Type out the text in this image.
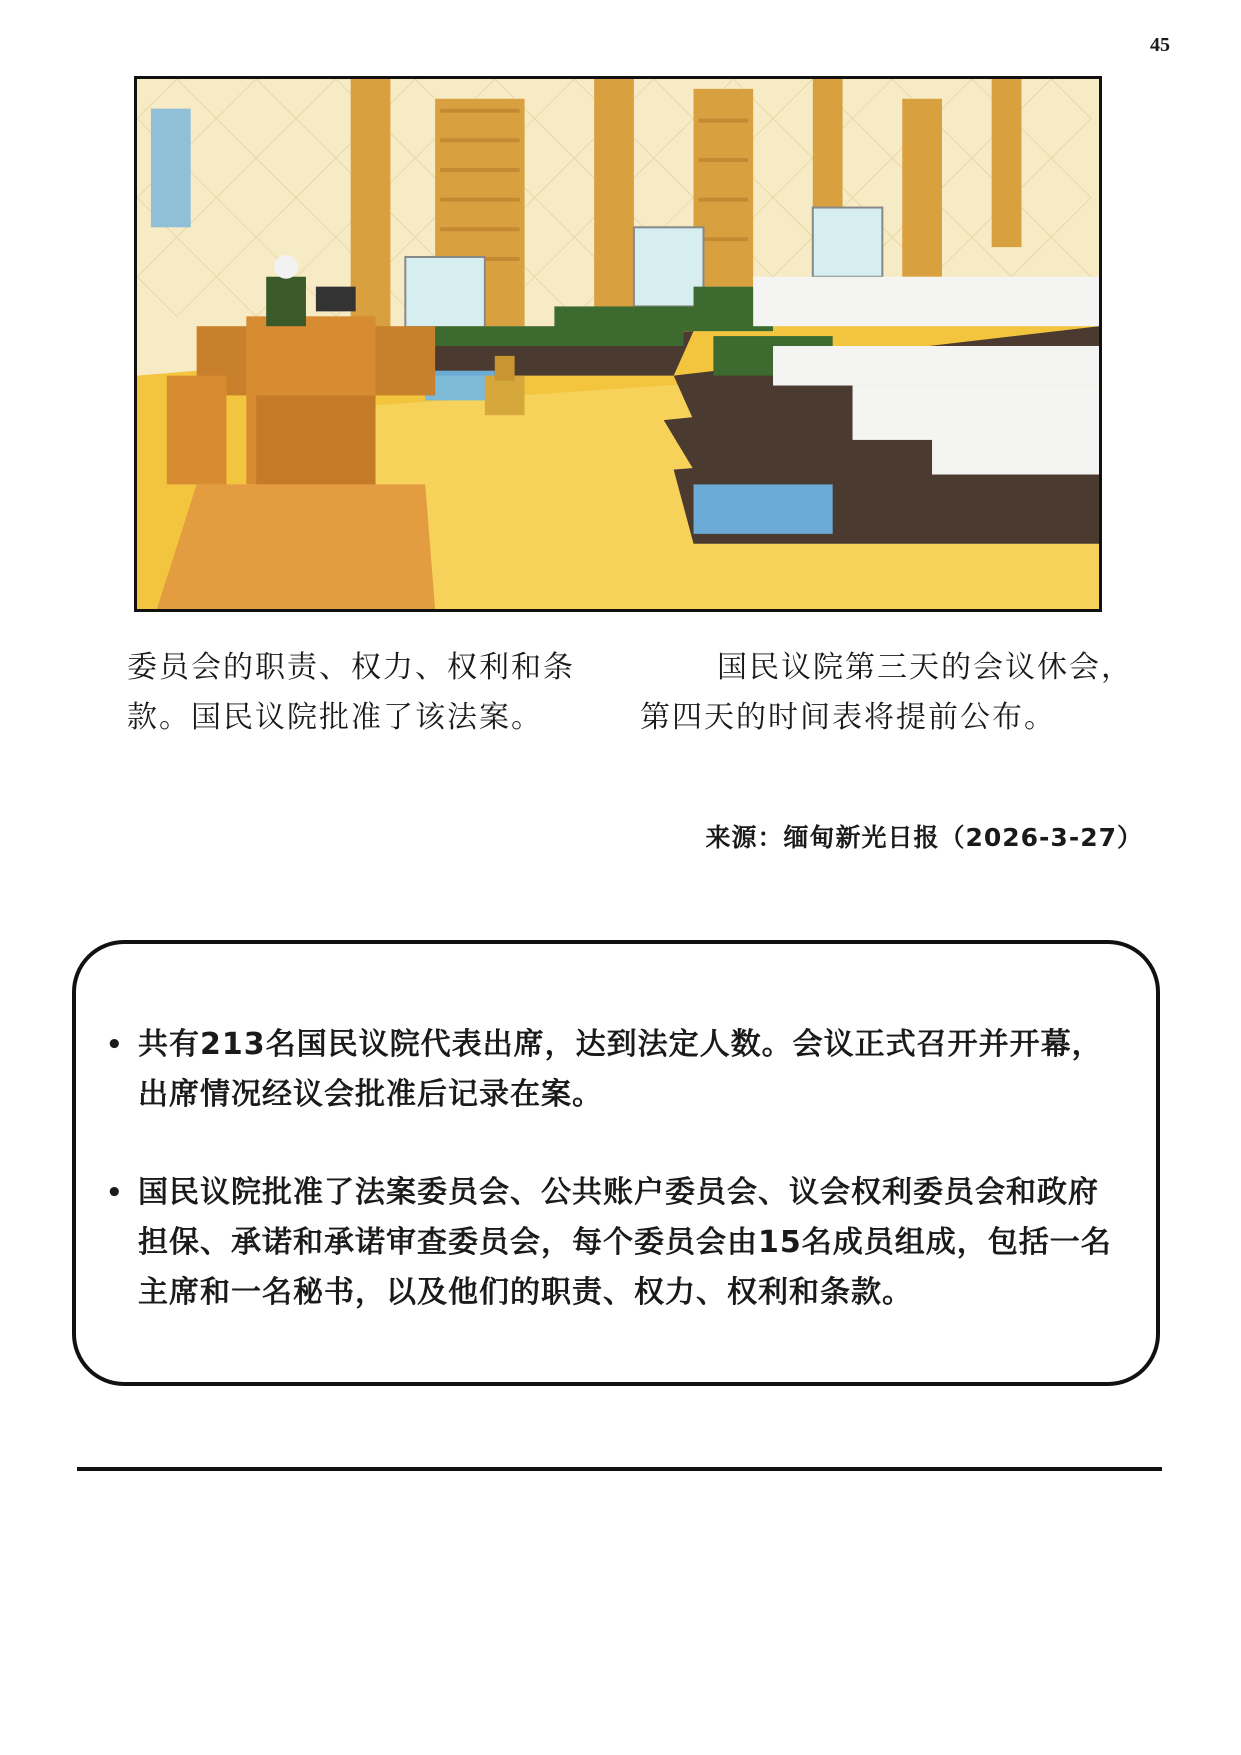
45

委员会的职责、权力、权利和条

款。国民议院批准了该法案。

国民议院第三天的会议休会，

第四天的时间表将提前公布。

来源：缅甸新光日报（2026-3-27）
• 共有213名国民议院代表出席，达到法定人数。会议正式召开并开幕，出席情况经议会批准后记录在案。
• 国民议院批准了法案委员会、公共账户委员会、议会权利委员会和政府担保、承诺和承诺审查委员会，每个委员会由15名成员组成，包括一名主席和一名秘书，以及他们的职责、权力、权利和条款。
